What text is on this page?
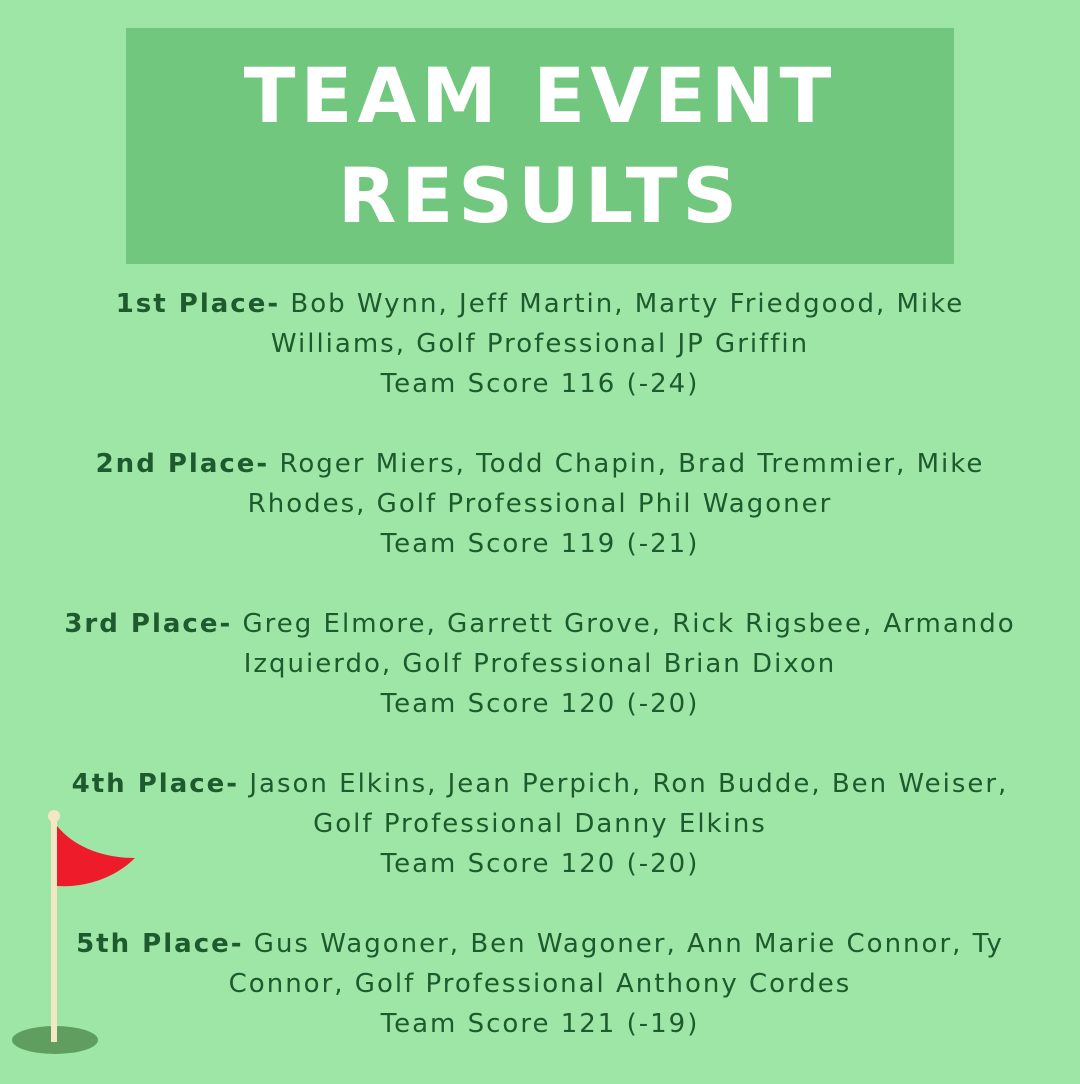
TEAM EVENT
RESULTS
1st Place- Bob Wynn, Jeff Martin, Marty Friedgood, Mike
Williams, Golf Professional JP Griffin
Team Score 116 (-24)
2nd Place- Roger Miers, Todd Chapin, Brad Tremmier, Mike
Rhodes, Golf Professional Phil Wagoner
Team Score 119 (-21)
3rd Place- Greg Elmore, Garrett Grove, Rick Rigsbee, Armando
Izquierdo, Golf Professional Brian Dixon
Team Score 120 (-20)
4th Place- Jason Elkins, Jean Perpich, Ron Budde, Ben Weiser,
Golf Professional Danny Elkins
Team Score 120 (-20)
5th Place- Gus Wagoner, Ben Wagoner, Ann Marie Connor, Ty
Connor, Golf Professional Anthony Cordes
Team Score 121 (-19)
